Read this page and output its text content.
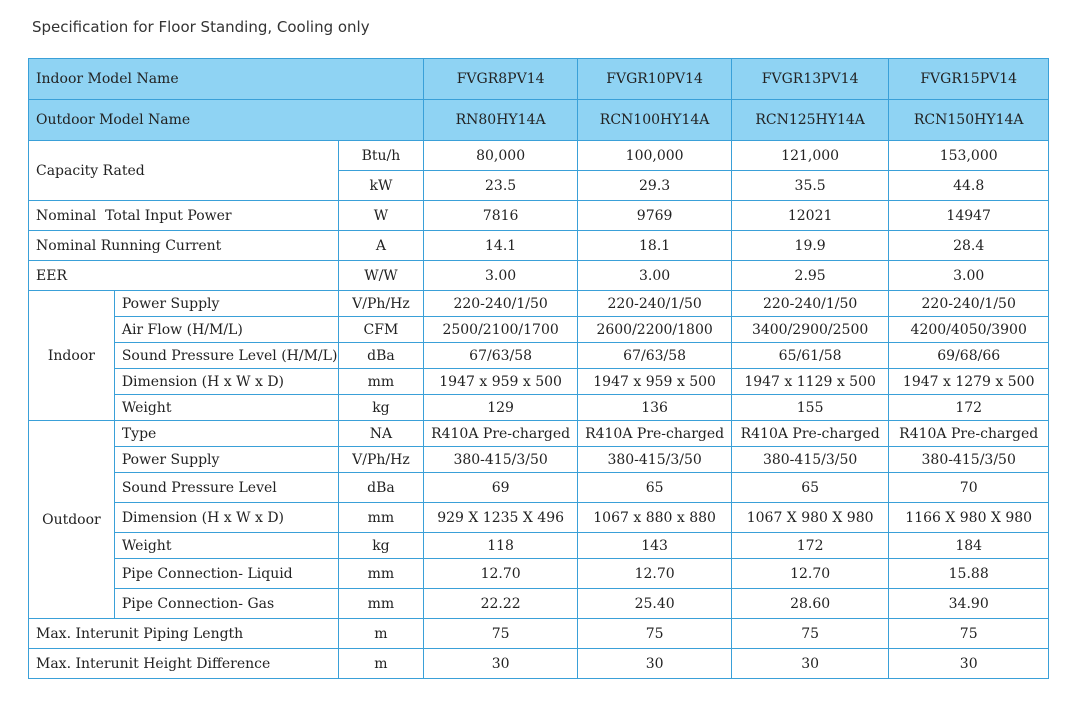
Specification for Floor Standing, Cooling only
Indoor Model Name			FVGR8PV14	FVGR10PV14	FVGR13PV14	FVGR15PV14
Outdoor Model Name			RN80HY14A	RCN100HY14A	RCN125HY14A	RCN150HY14A
Capacity Rated		Btu/h	80,000	100,000	121,000	153,000
		kW	23.5	29.3	35.5	44.8
Nominal  Total Input Power		W	7816	9769	12021	14947
Nominal Running Current		A	14.1	18.1	19.9	28.4
EER		W/W	3.00	3.00	2.95	3.00
Indoor	Power Supply	V/Ph/Hz	220-240/1/50	220-240/1/50	220-240/1/50	220-240/1/50
	Air Flow (H/M/L)	CFM	2500/2100/1700	2600/2200/1800	3400/2900/2500	4200/4050/3900
	Sound Pressure Level (H/M/L)	dBa	67/63/58	67/63/58	65/61/58	69/68/66
	Dimension (H x W x D)	mm	1947 x 959 x 500	1947 x 959 x 500	1947 x 1129 x 500	1947 x 1279 x 500
	Weight	kg	129	136	155	172
Outdoor	Type	NA	R410A Pre-charged	R410A Pre-charged	R410A Pre-charged	R410A Pre-charged
	Power Supply	V/Ph/Hz	380-415/3/50	380-415/3/50	380-415/3/50	380-415/3/50
	Sound Pressure Level	dBa	69	65	65	70
	Dimension (H x W x D)	mm	929 X 1235 X 496	1067 x 880 x 880	1067 X 980 X 980	1166 X 980 X 980
	Weight	kg	118	143	172	184
	Pipe Connection- Liquid	mm	12.70	12.70	12.70	15.88
	Pipe Connection- Gas	mm	22.22	25.40	28.60	34.90
Max. Interunit Piping Length		m	75	75	75	75
Max. Interunit Height Difference		m	30	30	30	30
